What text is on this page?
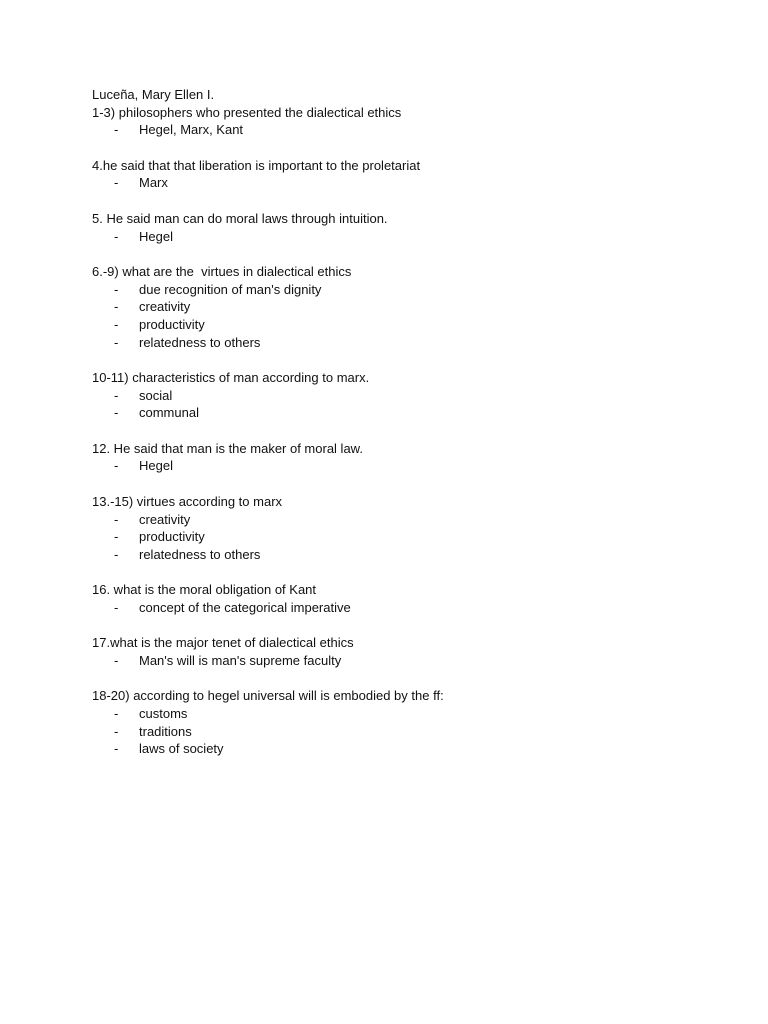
Luceña, Mary Ellen I.
1-3) philosophers who presented the dialectical ethics
- Hegel, Marx, Kant
4.he said that that liberation is important to the proletariat
- Marx
5. He said man can do moral laws through intuition.
- Hegel
6.-9) what are the  virtues in dialectical ethics
- due recognition of man's dignity
- creativity
- productivity
- relatedness to others
10-11) characteristics of man according to marx.
- social
- communal
12. He said that man is the maker of moral law.
- Hegel
13.-15) virtues according to marx
- creativity
- productivity
- relatedness to others
16. what is the moral obligation of Kant
- concept of the categorical imperative
17.what is the major tenet of dialectical ethics
- Man's will is man's supreme faculty
18-20) according to hegel universal will is embodied by the ff:
- customs
- traditions
- laws of society
